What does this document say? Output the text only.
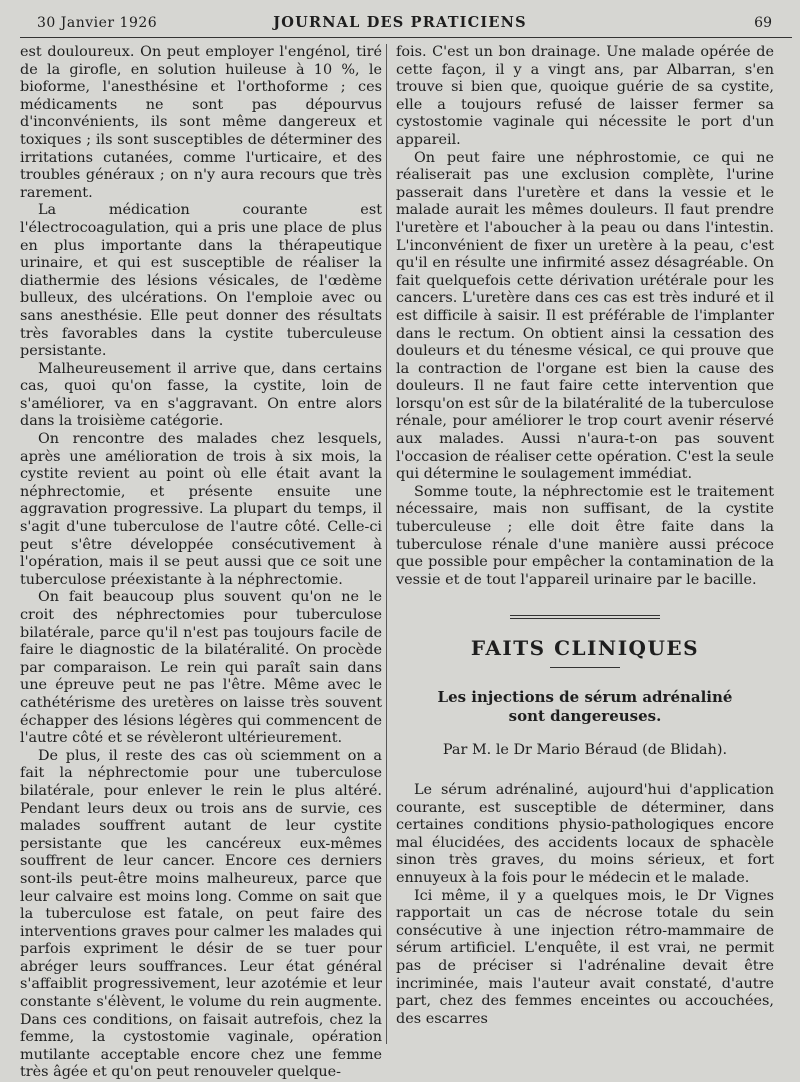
30 Janvier 1926	JOURNAL DES PRATICIENS	69

est douloureux. On peut employer l'engénol, tiré de la girofle, en solution huileuse à 10 %, le bioforme, l'anesthésine et l'orthoforme ; ces médicaments ne sont pas dépourvus d'inconvénients, ils sont même dangereux et toxiques ; ils sont susceptibles de déterminer des irritations cutanées, comme l'urticaire, et des troubles généraux ; on n'y aura recours que très rarement.

La médication courante est l'électrocoagulation, qui a pris une place de plus en plus importante dans la thérapeutique urinaire, et qui est susceptible de réaliser la diathermie des lésions vésicales, de l'œdème bulleux, des ulcérations. On l'emploie avec ou sans anesthésie. Elle peut donner des résultats très favorables dans la cystite tuberculeuse persistante.

Malheureusement il arrive que, dans certains cas, quoi qu'on fasse, la cystite, loin de s'améliorer, va en s'aggravant. On entre alors dans la troisième catégorie.

On rencontre des malades chez lesquels, après une amélioration de trois à six mois, la cystite revient au point où elle était avant la néphrectomie, et présente ensuite une aggravation progressive. La plupart du temps, il s'agit d'une tuberculose de l'autre côté. Celle-ci peut s'être développée consécutivement à l'opération, mais il se peut aussi que ce soit une tuberculose préexistante à la néphrectomie.

On fait beaucoup plus souvent qu'on ne le croit des néphrectomies pour tuberculose bilatérale, parce qu'il n'est pas toujours facile de faire le diagnostic de la bilatéralité. On procède par comparaison. Le rein qui paraît sain dans une épreuve peut ne pas l'être. Même avec le cathétérisme des uretères on laisse très souvent échapper des lésions légères qui commencent de l'autre côté et se révèleront ultérieurement.

De plus, il reste des cas où sciemment on a fait la néphrectomie pour une tuberculose bilatérale, pour enlever le rein le plus altéré. Pendant leurs deux ou trois ans de survie, ces malades souffrent autant de leur cystite persistante que les cancéreux eux-mêmes souffrent de leur cancer. Encore ces derniers sont-ils peut-être moins malheureux, parce que leur calvaire est moins long. Comme on sait que la tuberculose est fatale, on peut faire des interventions graves pour calmer les malades qui parfois expriment le désir de se tuer pour abréger leurs souffrances. Leur état général s'affaiblit progressivement, leur azotémie et leur constante s'élèvent, le volume du rein augmente. Dans ces conditions, on faisait autrefois, chez la femme, la cystostomie vaginale, opération mutilante acceptable encore chez une femme très âgée et qu'on peut renouveler quelque-

fois. C'est un bon drainage. Une malade opérée de cette façon, il y a vingt ans, par Albarran, s'en trouve si bien que, quoique guérie de sa cystite, elle a toujours refusé de laisser fermer sa cystostomie vaginale qui nécessite le port d'un appareil.

On peut faire une néphrostomie, ce qui ne réaliserait pas une exclusion complète, l'urine passerait dans l'uretère et dans la vessie et le malade aurait les mêmes douleurs. Il faut prendre l'uretère et l'aboucher à la peau ou dans l'intestin. L'inconvénient de fixer un uretère à la peau, c'est qu'il en résulte une infirmité assez désagréable. On fait quelquefois cette dérivation urétérale pour les cancers. L'uretère dans ces cas est très induré et il est difficile à saisir. Il est préférable de l'implanter dans le rectum. On obtient ainsi la cessation des douleurs et du ténesme vésical, ce qui prouve que la contraction de l'organe est bien la cause des douleurs. Il ne faut faire cette intervention que lorsqu'on est sûr de la bilatéralité de la tuberculose rénale, pour améliorer le trop court avenir réservé aux malades. Aussi n'aura-t-on pas souvent l'occasion de réaliser cette opération. C'est la seule qui détermine le soulagement immédiat.

Somme toute, la néphrectomie est le traitement nécessaire, mais non suffisant, de la cystite tuberculeuse ; elle doit être faite dans la tuberculose rénale d'une manière aussi précoce que possible pour empêcher la contamination de la vessie et de tout l'appareil urinaire par le bacille.

FAITS CLINIQUES
Les injections de sérum adrénaliné
sont dangereuses.
Par M. le Dr Mario Béraud (de Blidah).

Le sérum adrénaliné, aujourd'hui d'application courante, est susceptible de déterminer, dans certaines conditions physio-pathologiques encore mal élucidées, des accidents locaux de sphacèle sinon très graves, du moins sérieux, et fort ennuyeux à la fois pour le médecin et le malade.

Ici même, il y a quelques mois, le Dr Vignes rapportait un cas de nécrose totale du sein consécutive à une injection rétro-mammaire de sérum artificiel. L'enquête, il est vrai, ne permit pas de préciser si l'adrénaline devait être incriminée, mais l'auteur avait constaté, d'autre part, chez des femmes enceintes ou accouchées, des escarres
